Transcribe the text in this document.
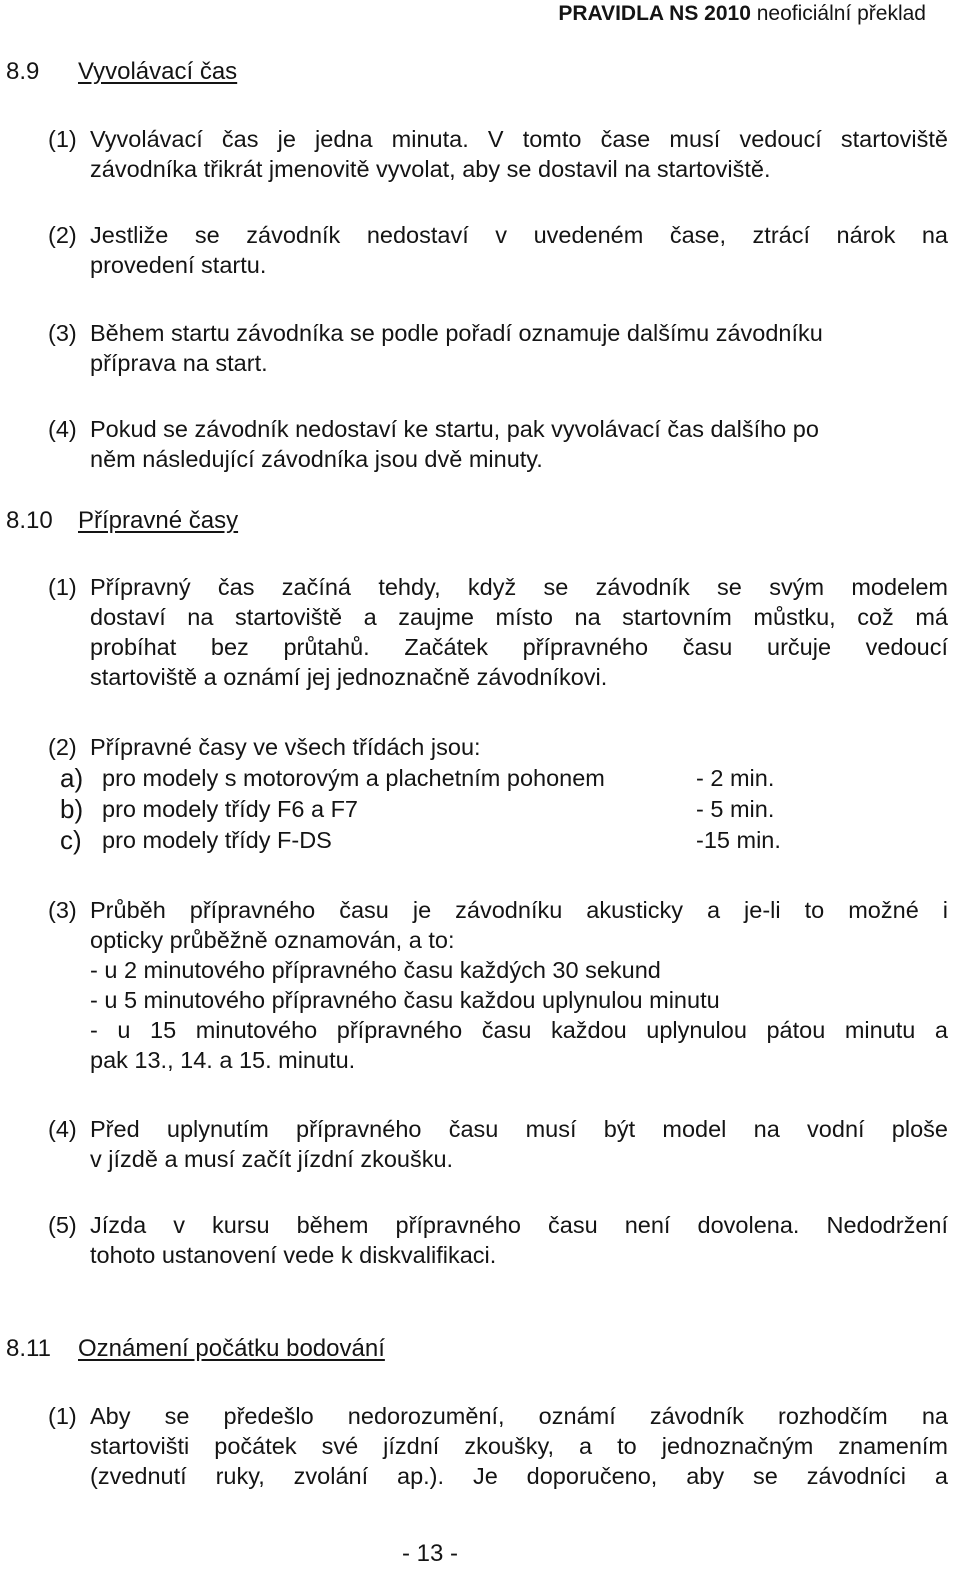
PRAVIDLA NS 2010 neoficiální překlad
8.9	Vyvolávací čas
(1) Vyvolávací čas je jedna minuta. V tomto čase musí vedoucí startoviště
závodníka třikrát jmenovitě vyvolat, aby se dostavil na startoviště.
(2) Jestliže se závodník nedostaví v uvedeném čase, ztrácí nárok na
provedení startu.
(3) Během startu závodníka se podle pořadí oznamuje dalšímu závodníku
příprava na start.
(4) Pokud se závodník nedostaví ke startu, pak vyvolávací čas dalšího po
něm následující závodníka jsou dvě minuty.
8.10	Přípravné časy
(1) Přípravný čas začíná tehdy, když se závodník se svým modelem
dostaví na startoviště a zaujme místo na startovním můstku, což má
probíhat bez průtahů. Začátek přípravného času určuje vedoucí
startoviště a oznámí jej jednoznačně závodníkovi.
(2) Přípravné časy ve všech třídách jsou:
a) pro modely s motorovým a plachetním pohonem	- 2 min.
b) pro modely třídy F6 a F7	- 5 min.
c) pro modely třídy F-DS	-15 min.
(3) Průběh přípravného času je závodníku akusticky a je-li to možné i
opticky průběžně oznamován, a to:
- u 2 minutového přípravného času každých 30 sekund
- u 5 minutového přípravného času každou uplynulou minutu
- u 15 minutového přípravného času každou uplynulou pátou minutu a
pak 13., 14. a 15. minutu.
(4) Před uplynutím přípravného času musí být model na vodní ploše
v jízdě a musí začít jízdní zkoušku.
(5) Jízda v kursu během přípravného času není dovolena. Nedodržení
tohoto ustanovení vede k diskvalifikaci.
8.11	Oznámení počátku bodování
(1) Aby se předešlo nedorozumění, oznámí závodník rozhodčím na
startovišti počátek své jízdní zkoušky, a to jednoznačným znamením
(zvednutí ruky, zvolání ap.). Je doporučeno, aby se závodníci a
- 13 -
